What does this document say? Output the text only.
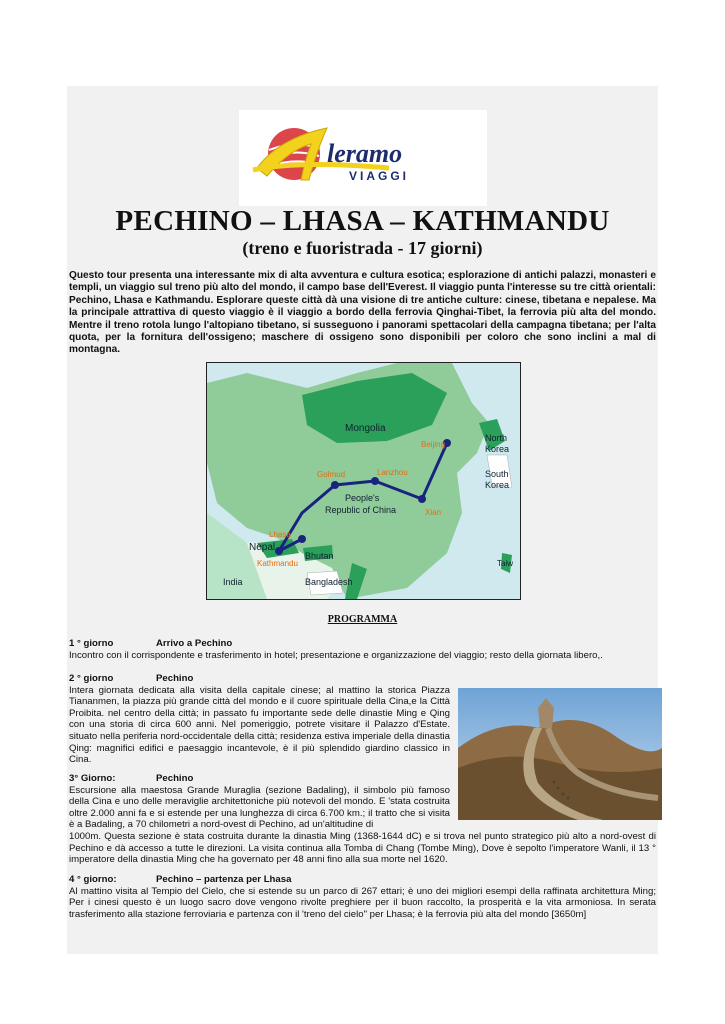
leramo
VIAGGI
PECHINO – LHASA – KATHMANDU
(treno e fuoristrada - 17 giorni)
Questo tour presenta una interessante mix di alta avventura e cultura esotica; esplorazione di antichi palazzi, monasteri e templi, un viaggio sul treno più alto del mondo, il campo base dell'Everest. Il viaggio punta l'interesse su tre città orientali: Pechino, Lhasa e Kathmandu. Esplorare queste città dà una visione di tre antiche culture: cinese, tibetana e nepalese. Ma la principale attrattiva di questo viaggio è il viaggio a bordo della ferrovia Qinghai-Tibet, la ferrovia più alta del mondo. Mentre il treno rotola lungo l'altopiano tibetano, si susseguono i panorami spettacolari della campagna tibetana; per l'alta quota, per la fornitura dell'ossigeno; maschere di ossigeno sono disponibili per coloro che sono inclini a mal di montagna.
Mongolia
People's
Republic of China
North
Korea
South
Korea
Nepal
Bhutan
India	Bangladesh
Taiw
Beijing
Golmud	Lanzhou
Xian
Lhasa
Kathmandu
PROGRAMMA
1 ° giorno	Arrivo a Pechino
Incontro con il corrispondente e trasferimento in hotel; presentazione e organizzazione del viaggio; resto della giornata libero,.
2 ° giorno	Pechino
Intera giornata dedicata alla visita della capitale cinese; al mattino la storica Piazza Tiananmen, la piazza più grande città del mondo e il cuore spirituale della Cina,e la Città Proibita. nel centro della città; in passato fu importante sede delle dinastie Ming e Qing con una storia di circa 600 anni. Nel pomeriggio, potrete visitare il Palazzo d'Estate. situato nella periferia nord-occidentale della città; residenza estiva imperiale della dinastia Qing: magnifici edifici e paesaggio incantevole, è il più splendido giardino classico in Cina.
3° Giorno:	Pechino
Escursione alla maestosa Grande Muraglia (sezione Badaling), il simbolo più famoso della Cina e uno delle meraviglie architettoniche più notevoli del mondo. E 'stata costruita oltre 2.000 anni fa e si estende per una lunghezza di circa 6.700 km.; il tratto che si visita è a Badaling, a 70 chilometri a nord-ovest di Pechino, ad un'altitudine di
1000m. Questa sezione è stata costruita durante la dinastia Ming (1368-1644 dC) e si trova nel punto strategico più alto a nord-ovest di Pechino e dà accesso a tutte le direzioni. La visita continua alla Tomba di Chang (Tombe Ming), Dove è sepolto l'imperatore Wanli, il 13 ° imperatore della dinastia Ming che ha governato per 48 anni fino alla sua morte nel 1620.
4 ° giorno:	Pechino – partenza per Lhasa
Al mattino visita al Tempio del Cielo, che si estende su un parco di 267 ettari; è uno dei migliori esempi della raffinata architettura Ming; Per i cinesi questo è un luogo sacro dove vengono rivolte preghiere per il buon raccolto, la prosperità e la vita armoniosa. In serata trasferimento alla stazione ferroviaria e partenza con il 'treno del cielo" per Lhasa; è la ferrovia più alta del mondo [3650m]
